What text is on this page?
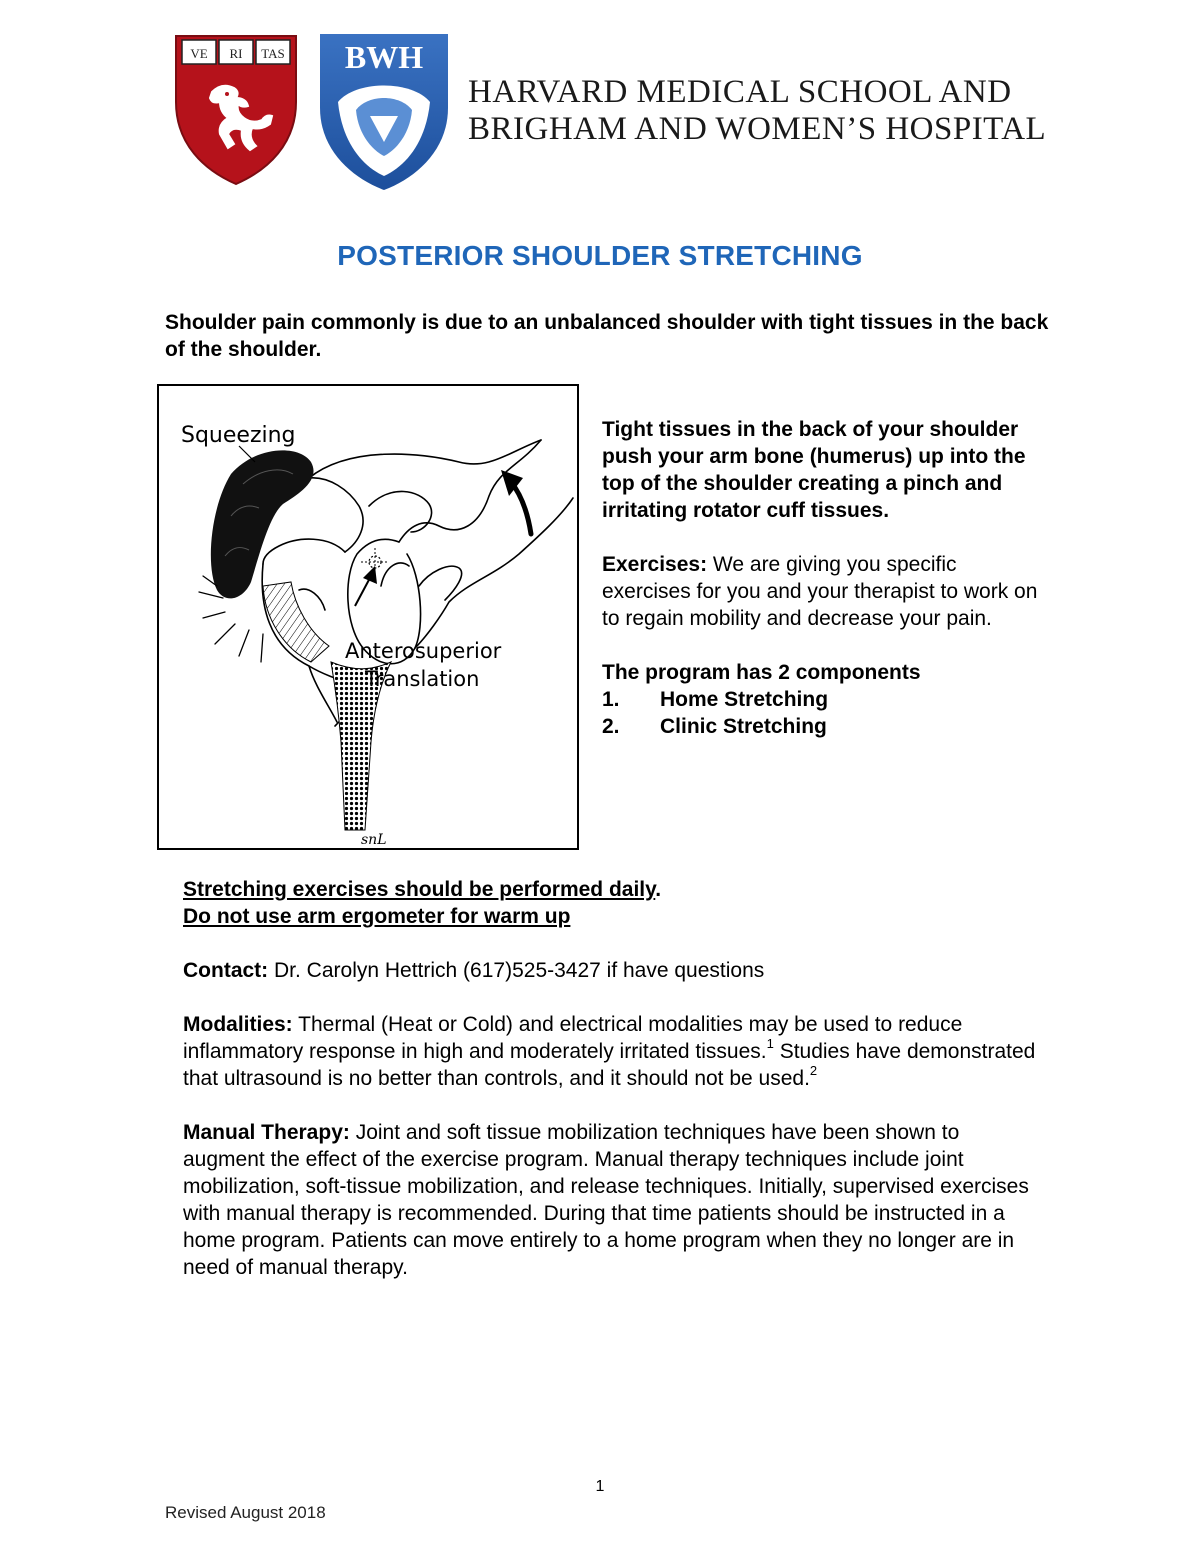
VE RI TAS BWH
HARVARD MEDICAL SCHOOL AND
BRIGHAM AND WOMEN’S HOSPITAL
POSTERIOR SHOULDER STRETCHING
Shoulder pain commonly is due to an unbalanced shoulder with tight tissues in the back of the shoulder.
Squeezing
Anterosuperior
Translation
snL

Tight tissues in the back of your shoulder push your arm bone (humerus) up into the top of the shoulder creating a pinch and irritating rotator cuff tissues.

Exercises: We are giving you specific exercises for you and your therapist to work on to regain mobility and decrease your pain.

The program has 2 components
1.	Home Stretching
2.	Clinic Stretching

Stretching exercises should be performed daily.
Do not use arm ergometer for warm up

Contact: Dr. Carolyn Hettrich (617)525-3427 if have questions

Modalities: Thermal (Heat or Cold) and electrical modalities may be used to reduce inflammatory response in high and moderately irritated tissues.$^1$ Studies have demonstrated that ultrasound is no better than controls, and it should not be used.$^2$

Manual Therapy: Joint and soft tissue mobilization techniques have been shown to augment the effect of the exercise program. Manual therapy techniques include joint mobilization, soft-tissue mobilization, and release techniques. Initially, supervised exercises with manual therapy is recommended. During that time patients should be instructed in a home program. Patients can move entirely to a home program when they no longer are in need of manual therapy.

1
Revised August 2018
